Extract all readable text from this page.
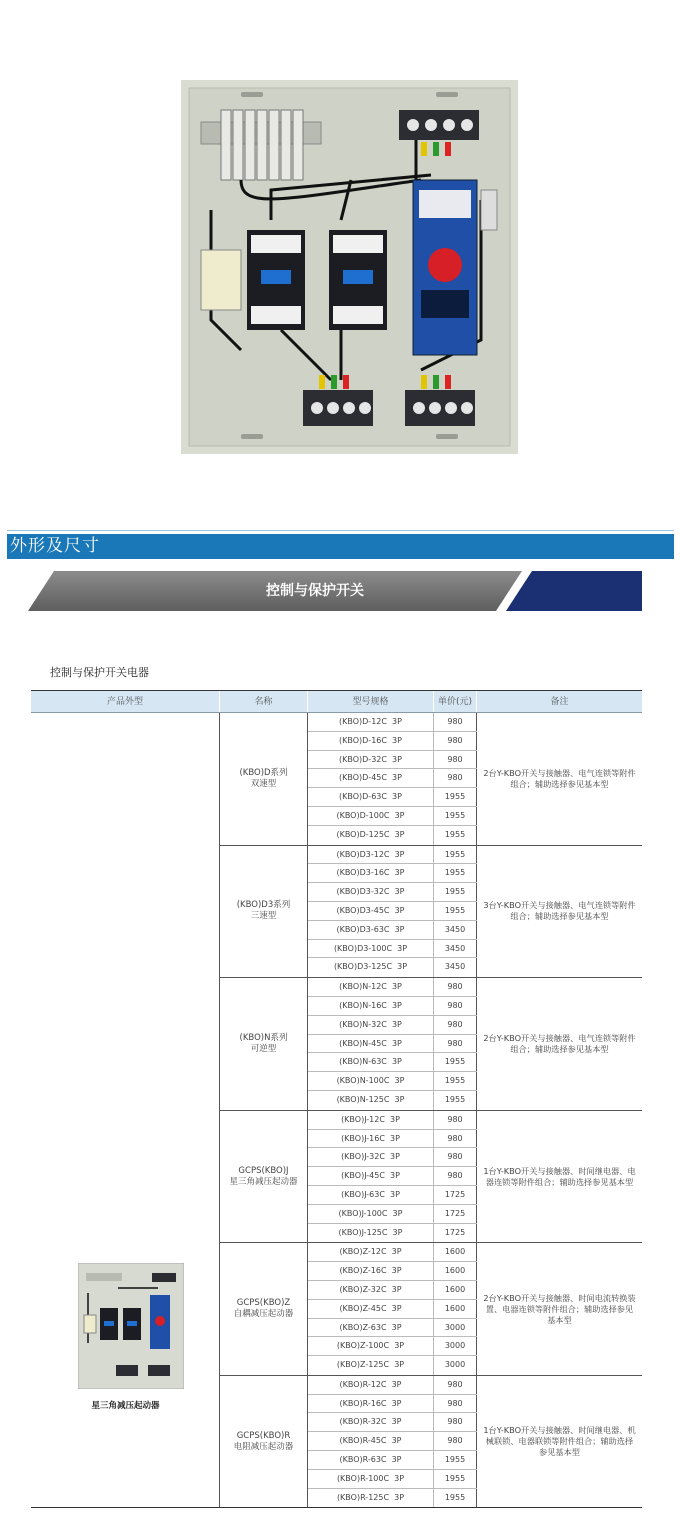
外形及尺寸
控制与保护开关
控制与保护开关电器
产品外型	名称	型号规格	单价(元)	备注
星三角减压起动器
(KBO)D系列
双速型
(KBO)D-12C  3P	980
(KBO)D-16C  3P	980
(KBO)D-32C  3P	980
(KBO)D-45C  3P	980
(KBO)D-63C  3P	1955
(KBO)D-100C  3P	1955
(KBO)D-125C  3P	1955
2台Y-KBO开关与接触器、电气连锁等附件组合；辅助选择参见基本型
(KBO)D3系列
三速型
(KBO)D3-12C  3P	1955
(KBO)D3-16C  3P	1955
(KBO)D3-32C  3P	1955
(KBO)D3-45C  3P	1955
(KBO)D3-63C  3P	3450
(KBO)D3-100C  3P	3450
(KBO)D3-125C  3P	3450
3台Y-KBO开关与接触器、电气连锁等附件组合；辅助选择参见基本型
(KBO)N系列
可逆型
(KBO)N-12C  3P	980
(KBO)N-16C  3P	980
(KBO)N-32C  3P	980
(KBO)N-45C  3P	980
(KBO)N-63C  3P	1955
(KBO)N-100C  3P	1955
(KBO)N-125C  3P	1955
2台Y-KBO开关与接触器、电气连锁等附件组合；辅助选择参见基本型
GCPS(KBO)J
星三角减压起动器
(KBO)J-12C  3P	980
(KBO)J-16C  3P	980
(KBO)J-32C  3P	980
(KBO)J-45C  3P	980
(KBO)J-63C  3P	1725
(KBO)J-100C  3P	1725
(KBO)J-125C  3P	1725
1台Y-KBO开关与接触器、时间继电器、电器连锁等附件组合；辅助选择参见基本型
GCPS(KBO)Z
自耦减压起动器
(KBO)Z-12C  3P	1600
(KBO)Z-16C  3P	1600
(KBO)Z-32C  3P	1600
(KBO)Z-45C  3P	1600
(KBO)Z-63C  3P	3000
(KBO)Z-100C  3P	3000
(KBO)Z-125C  3P	3000
2台Y-KBO开关与接触器、时间电流转换装置、电器连锁等附件组合；辅助选择参见基本型
GCPS(KBO)R
电阻减压起动器
(KBO)R-12C  3P	980
(KBO)R-16C  3P	980
(KBO)R-32C  3P	980
(KBO)R-45C  3P	980
(KBO)R-63C  3P	1955
(KBO)R-100C  3P	1955
(KBO)R-125C  3P	1955
1台Y-KBO开关与接触器、时间继电器、机械联锁、电器联锁等附件组合；辅助选择参见基本型
